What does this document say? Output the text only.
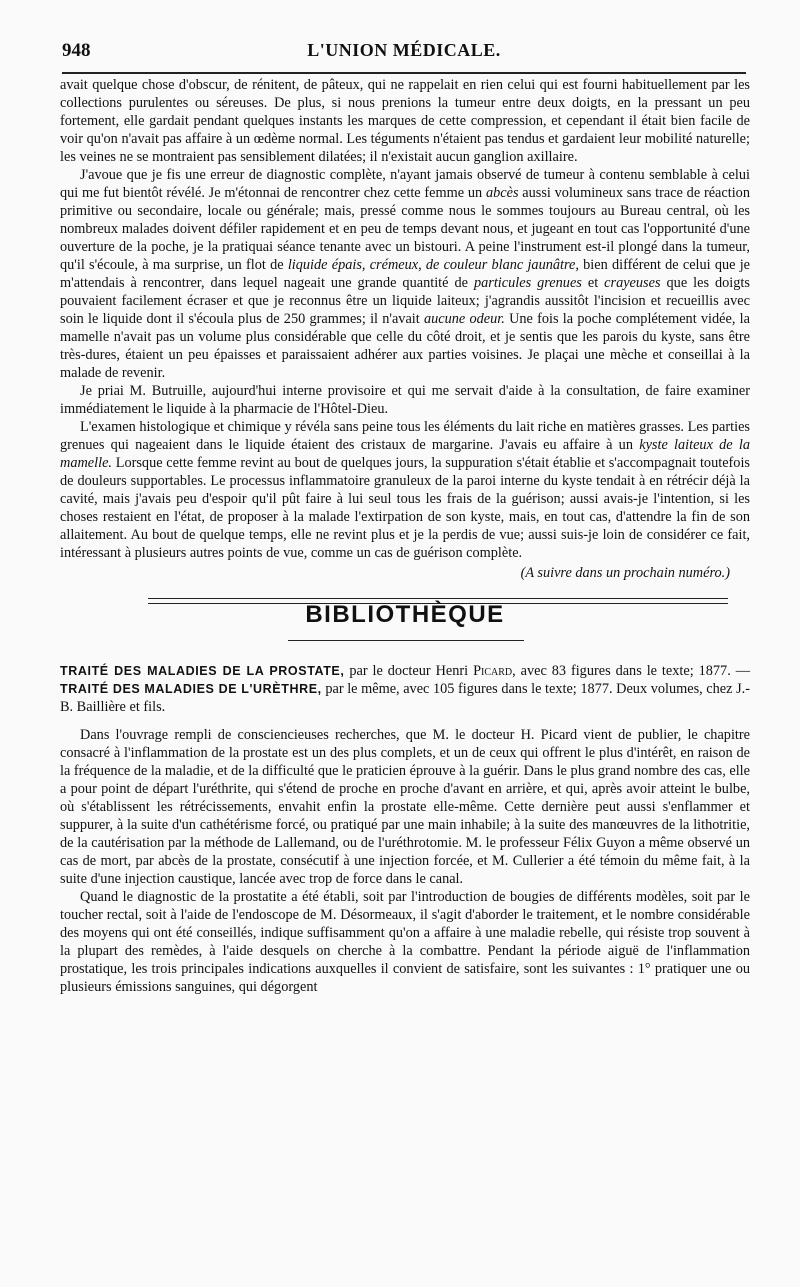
948	L'UNION MÉDICALE.

avait quelque chose d'obscur, de rénitent, de pâteux, qui ne rappelait en rien celui qui est fourni habituellement par les collections purulentes ou séreuses. De plus, si nous prenions la tumeur entre deux doigts, en la pressant un peu fortement, elle gardait pendant quelques instants les marques de cette compression, et cependant il était bien facile de voir qu'on n'avait pas affaire à un œdème normal. Les téguments n'étaient pas tendus et gardaient leur mobilité naturelle; les veines ne se montraient pas sensiblement dilatées; il n'existait aucun ganglion axillaire.

J'avoue que je fis une erreur de diagnostic complète, n'ayant jamais observé de tumeur à contenu semblable à celui qui me fut bientôt révélé. Je m'étonnai de rencontrer chez cette femme un abcès aussi volumineux sans trace de réaction primitive ou secondaire, locale ou générale; mais, pressé comme nous le sommes toujours au Bureau central, où les nombreux malades doivent défiler rapidement et en peu de temps devant nous, et jugeant en tout cas l'opportunité d'une ouverture de la poche, je la pratiquai séance tenante avec un bistouri. A peine l'instrument est-il plongé dans la tumeur, qu'il s'écoule, à ma surprise, un flot de liquide épais, crémeux, de couleur blanc jaunâtre, bien différent de celui que je m'attendais à rencontrer, dans lequel nageait une grande quantité de particules grenues et crayeuses que les doigts pouvaient facilement écraser et que je reconnus être un liquide laiteux; j'agrandis aussitôt l'incision et recueillis avec soin le liquide dont il s'écoula plus de 250 grammes; il n'avait aucune odeur. Une fois la poche complétement vidée, la mamelle n'avait pas un volume plus considérable que celle du côté droit, et je sentis que les parois du kyste, sans être très-dures, étaient un peu épaisses et paraissaient adhérer aux parties voisines. Je plaçai une mèche et conseillai à la malade de revenir.

Je priai M. Butruille, aujourd'hui interne provisoire et qui me servait d'aide à la consultation, de faire examiner immédiatement le liquide à la pharmacie de l'Hôtel-Dieu.

L'examen histologique et chimique y révéla sans peine tous les éléments du lait riche en matières grasses. Les parties grenues qui nageaient dans le liquide étaient des cristaux de margarine. J'avais eu affaire à un kyste laiteux de la mamelle. Lorsque cette femme revint au bout de quelques jours, la suppuration s'était établie et s'accompagnait toutefois de douleurs supportables. Le processus inflammatoire granuleux de la paroi interne du kyste tendait à en rétrécir déjà la cavité, mais j'avais peu d'espoir qu'il pût faire à lui seul tous les frais de la guérison; aussi avais-je l'intention, si les choses restaient en l'état, de proposer à la malade l'extirpation de son kyste, mais, en tout cas, d'attendre la fin de son allaitement. Au bout de quelque temps, elle ne revint plus et je la perdis de vue; aussi suis-je loin de considérer ce fait, intéressant à plusieurs autres points de vue, comme un cas de guérison complète.

(A suivre dans un prochain numéro.)

BIBLIOTHÈQUE

TRAITÉ DES MALADIES DE LA PROSTATE, par le docteur Henri Picard, avec 83 figures dans le texte; 1877. — TRAITÉ DES MALADIES DE L'URÈTHRE, par le même, avec 105 figures dans le texte; 1877. Deux volumes, chez J.-B. Baillière et fils.

Dans l'ouvrage rempli de consciencieuses recherches, que M. le docteur H. Picard vient de publier, le chapitre consacré à l'inflammation de la prostate est un des plus complets, et un de ceux qui offrent le plus d'intérêt, en raison de la fréquence de la maladie, et de la difficulté que le praticien éprouve à la guérir. Dans le plus grand nombre des cas, elle a pour point de départ l'uréthrite, qui s'étend de proche en proche d'avant en arrière, et qui, après avoir atteint le bulbe, où s'établissent les rétrécissements, envahit enfin la prostate elle-même. Cette dernière peut aussi s'enflammer et suppurer, à la suite d'un cathétérisme forcé, ou pratiqué par une main inhabile; à la suite des manœuvres de la lithotritie, de la cautérisation par la méthode de Lallemand, ou de l'uréthrotomie. M. le professeur Félix Guyon a même observé un cas de mort, par abcès de la prostate, consécutif à une injection forcée, et M. Cullerier a été témoin du même fait, à la suite d'une injection caustique, lancée avec trop de force dans le canal.

Quand le diagnostic de la prostatite a été établi, soit par l'introduction de bougies de différents modèles, soit par le toucher rectal, soit à l'aide de l'endoscope de M. Désormeaux, il s'agit d'aborder le traitement, et le nombre considérable des moyens qui ont été conseillés, indique suffisamment qu'on a affaire à une maladie rebelle, qui résiste trop souvent à la plupart des remèdes, à l'aide desquels on cherche à la combattre. Pendant la période aiguë de l'inflammation prostatique, les trois principales indications auxquelles il convient de satisfaire, sont les suivantes : 1° pratiquer une ou plusieurs émissions sanguines, qui dégorgent
